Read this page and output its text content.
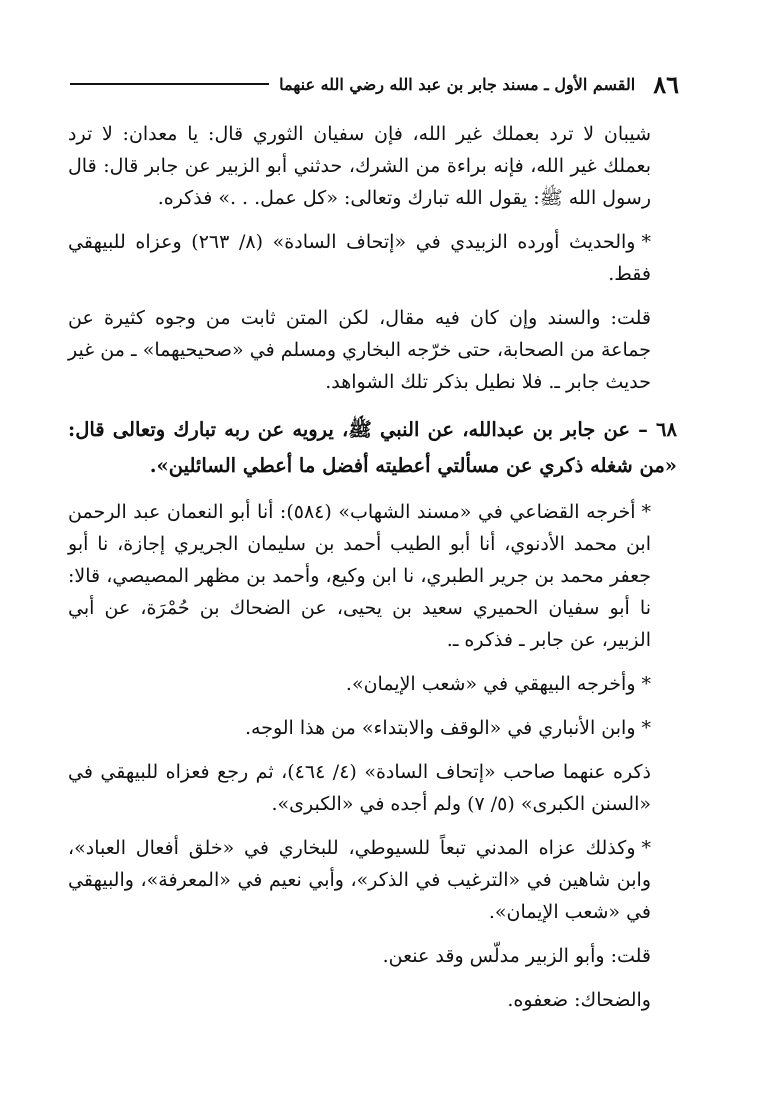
٨٦
القسم الأول ـ مسند جابر بن عبد الله رضي الله عنهما

شيبان لا ترد بعملك غير الله، فإن سفيان الثوري قال: يا معدان: لا ترد بعملك غير الله، فإنه براءة من الشرك، حدثني أبو الزبير عن جابر قال: قال رسول الله ﷺ: يقول الله تبارك وتعالى: «كل عمل. . .» فذكره.

*والحديث أورده الزبيدي في «إتحاف السادة» (٨/ ٢٦٣) وعزاه للبيهقي فقط.

قلت: والسند وإن كان فيه مقال، لكن المتن ثابت من وجوه كثيرة عن جماعة من الصحابة، حتى خرّجه البخاري ومسلم في «صحيحيهما» ـ من غير حديث جابر ـ. فلا نطيل بذكر تلك الشواهد.

٦٨ – عن جابر بن عبدالله، عن النبي ﷺ، يرويه عن ربه تبارك وتعالى قال: «من شغله ذكري عن مسألتي أعطيته أفضل ما أعطي السائلين».

*أخرجه القضاعي في «مسند الشهاب» (٥٨٤): أنا أبو النعمان عبد الرحمن ابن محمد الأدنوي، أنا أبو الطيب أحمد بن سليمان الجريري إجازة، نا أبو جعفر محمد بن جرير الطبري، نا ابن وكيع، وأحمد بن مظهر المصيصي، قالا: نا أبو سفيان الحميري سعيد بن يحيى، عن الضحاك بن حُمْرَة، عن أبي الزبير، عن جابر ـ فذكره ـ.

*وأخرجه البيهقي في «شعب الإيمان».

*وابن الأنباري في «الوقف والابتداء» من هذا الوجه.

ذكره عنهما صاحب «إتحاف السادة» (٤/ ٤٦٤)، ثم رجع فعزاه للبيهقي في «السنن الكبرى» (٥/ ٧) ولم أجده في «الكبرى».

*وكذلك عزاه المدني تبعاً للسيوطي، للبخاري في «خلق أفعال العباد»، وابن شاهين في «الترغيب في الذكر»، وأبي نعيم في «المعرفة»، والبيهقي في «شعب الإيمان».

قلت: وأبو الزبير مدلّس وقد عنعن.

والضحاك: ضعفوه.
